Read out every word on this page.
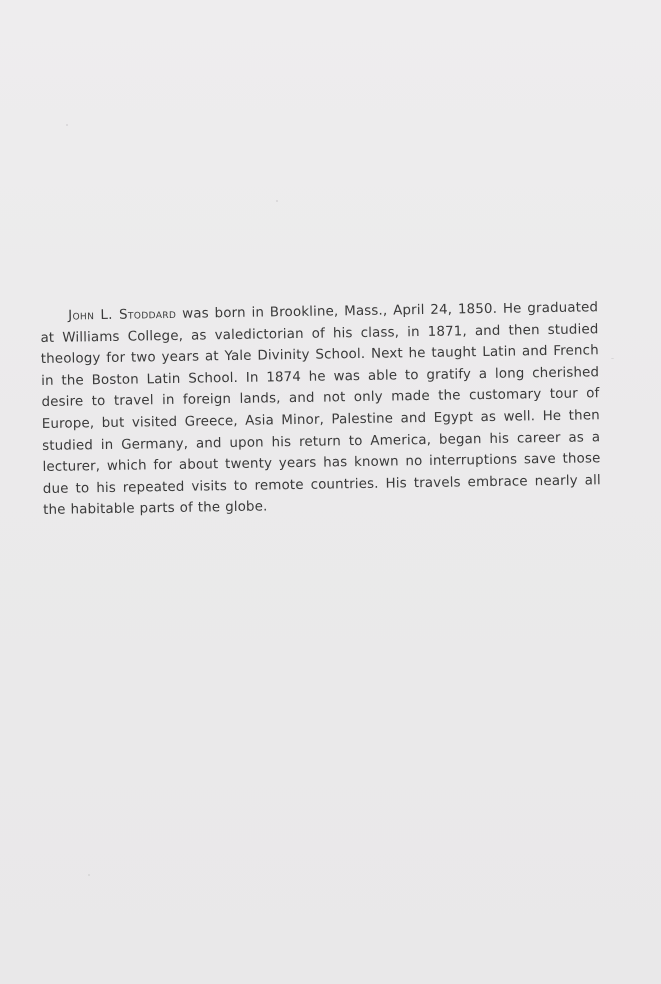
John L. Stoddard was born in Brookline, Mass., April 24, 1850. He graduated at Williams College, as valedictorian of his class, in 1871, and then studied theology for two years at Yale Divinity School. Next he taught Latin and French in the Boston Latin School. In 1874 he was able to gratify a long cherished desire to travel in foreign lands, and not only made the customary tour of Europe, but visited Greece, Asia Minor, Palestine and Egypt as well. He then studied in Germany, and upon his return to America, began his career as a lecturer, which for about twenty years has known no interruptions save those due to his repeated visits to remote countries. His travels embrace nearly all the habitable parts of the globe.
